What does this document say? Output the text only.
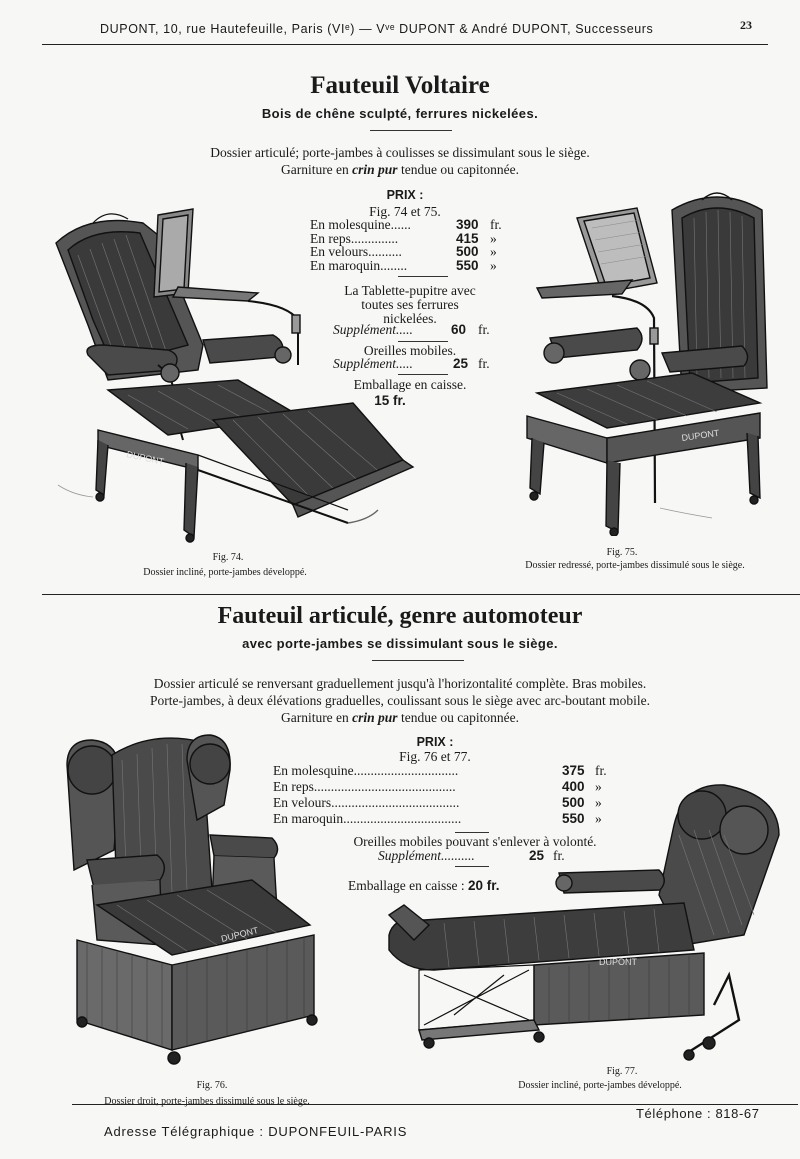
DUPONT, 10, rue Hautefeuille, Paris (VIᵉ) — Vᵛᵉ DUPONT & André DUPONT, Successeurs	23
Fauteuil Voltaire
Bois de chêne sculpté, ferrures nickelées.
Dossier articulé; porte-jambes à coulisses se dissimulant sous le siège.
Garniture en crin pur tendue ou capitonnée.
PRIX :
Fig. 74 et 75.
En molesquine......	390 fr.
En reps..............	415 »
En velours..........	500 »
En maroquin........	550 »
La Tablette-pupitre avec
toutes ses ferrures
nickelées.
Supplément.....	60 fr.
Oreilles mobiles.
Supplément.....	25 fr.
Emballage en caisse.
15 fr.
DUPONT
Fig. 74.
Dossier incliné, porte-jambes développé.
DUPONT
Fig. 75.
Dossier redressé, porte-jambes dissimulé sous le siège.
Fauteuil articulé, genre automoteur
avec porte-jambes se dissimulant sous le siège.
Dossier articulé se renversant graduellement jusqu'à l'horizontalité complète. Bras mobiles.
Porte-jambes, à deux élévations graduelles, coulissant sous le siège avec arc-boutant mobile.
Garniture en crin pur tendue ou capitonnée.
PRIX :
Fig. 76 et 77.
En molesquine...............................	375 fr.
En reps..........................................	400 »
En velours......................................	500 »
En maroquin...................................	550 »
Oreilles mobiles pouvant s'enlever à volonté.
Supplément..........	25 fr.
Emballage en caisse : 20 fr.
DUPONT
Fig. 76.
Dossier droit, porte-jambes dissimulé sous le siège.
DUPONT
Fig. 77.
Dossier incliné, porte-jambes développé.
Adresse Télégraphique : DUPONFEUIL-PARIS
Téléphone : 818-67
